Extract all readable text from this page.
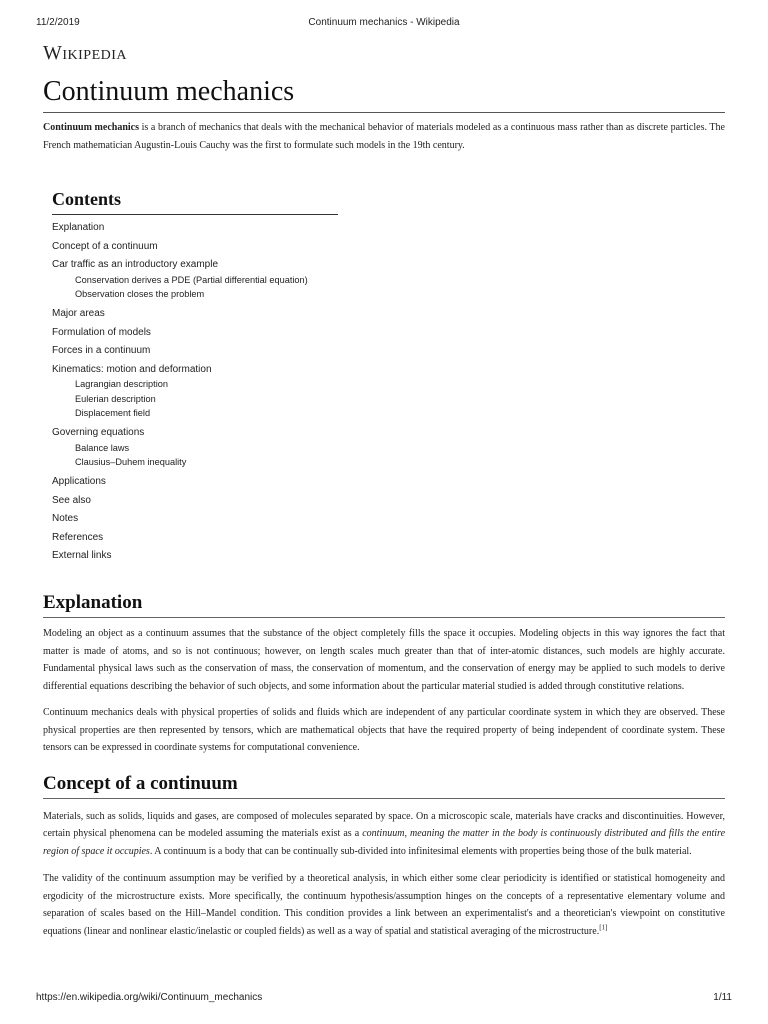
11/2/2019	Continuum mechanics - Wikipedia
Wikipedia
Continuum mechanics

Continuum mechanics is a branch of mechanics that deals with the mechanical behavior of materials modeled as a continuous mass rather than as discrete particles. The French mathematician Augustin-Louis Cauchy was the first to formulate such models in the 19th century.

Contents
Explanation
Concept of a continuum
Car traffic as an introductory example
Conservation derives a PDE (Partial differential equation)
Observation closes the problem
Major areas
Formulation of models
Forces in a continuum
Kinematics: motion and deformation
Lagrangian description
Eulerian description
Displacement field
Governing equations
Balance laws
Clausius–Duhem inequality
Applications
See also
Notes
References
External links
Explanation

Modeling an object as a continuum assumes that the substance of the object completely fills the space it occupies. Modeling objects in this way ignores the fact that matter is made of atoms, and so is not continuous; however, on length scales much greater than that of inter-atomic distances, such models are highly accurate. Fundamental physical laws such as the conservation of mass, the conservation of momentum, and the conservation of energy may be applied to such models to derive differential equations describing the behavior of such objects, and some information about the particular material studied is added through constitutive relations.

Continuum mechanics deals with physical properties of solids and fluids which are independent of any particular coordinate system in which they are observed. These physical properties are then represented by tensors, which are mathematical objects that have the required property of being independent of coordinate system. These tensors can be expressed in coordinate systems for computational convenience.

Concept of a continuum

Materials, such as solids, liquids and gases, are composed of molecules separated by space. On a microscopic scale, materials have cracks and discontinuities. However, certain physical phenomena can be modeled assuming the materials exist as a continuum, meaning the matter in the body is continuously distributed and fills the entire region of space it occupies. A continuum is a body that can be continually sub-divided into infinitesimal elements with properties being those of the bulk material.

The validity of the continuum assumption may be verified by a theoretical analysis, in which either some clear periodicity is identified or statistical homogeneity and ergodicity of the microstructure exists. More specifically, the continuum hypothesis/assumption hinges on the concepts of a representative elementary volume and separation of scales based on the Hill–Mandel condition. This condition provides a link between an experimentalist's and a theoretician's viewpoint on constitutive equations (linear and nonlinear elastic/inelastic or coupled fields) as well as a way of spatial and statistical averaging of the microstructure.[1]

https://en.wikipedia.org/wiki/Continuum_mechanics	1/11
